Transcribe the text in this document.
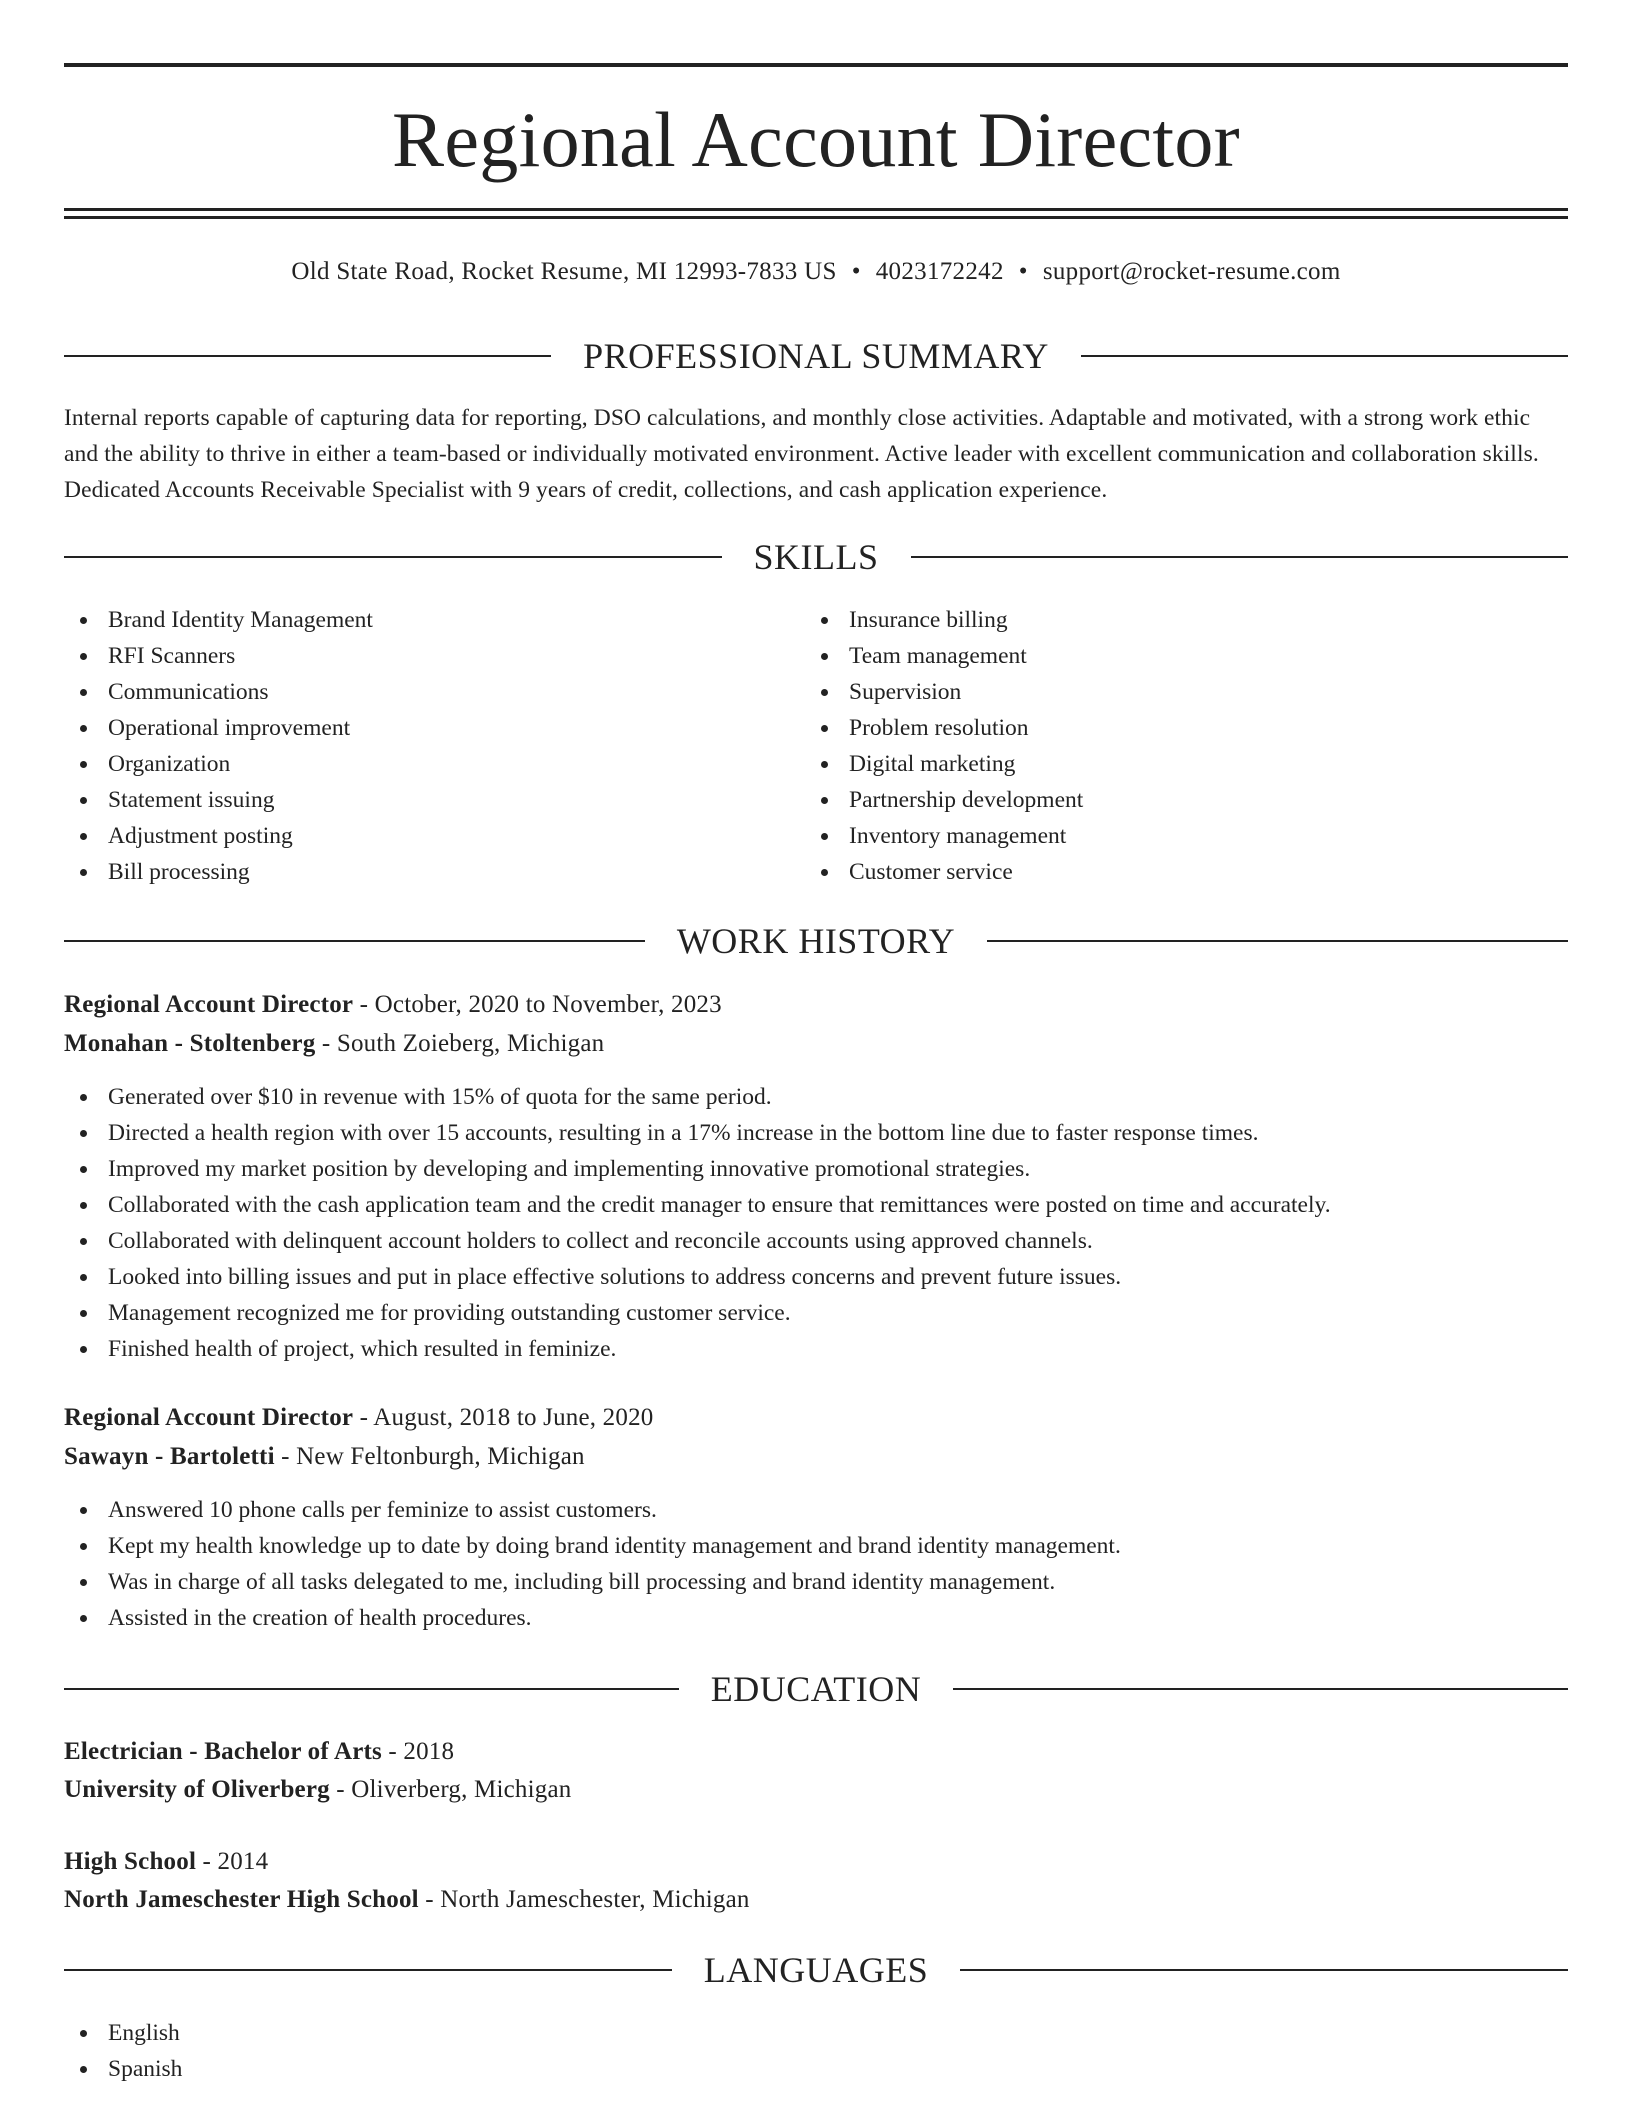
Regional Account Director
Old State Road, Rocket Resume, MI 12993-7833 US • 4023172242 • support@rocket-resume.com
PROFESSIONAL SUMMARY

Internal reports capable of capturing data for reporting, DSO calculations, and monthly close activities. Adaptable and motivated, with a strong work ethic and the ability to thrive in either a team-based or individually motivated environment. Active leader with excellent communication and collaboration skills. Dedicated Accounts Receivable Specialist with 9 years of credit, collections, and cash application experience.

SKILLS
Brand Identity Management
RFI Scanners
Communications
Operational improvement
Organization
Statement issuing
Adjustment posting
Bill processing
Insurance billing
Team management
Supervision
Problem resolution
Digital marketing
Partnership development
Inventory management
Customer service
WORK HISTORY
Regional Account Director - October, 2020 to November, 2023
Monahan - Stoltenberg - South Zoieberg, Michigan
Generated over $10 in revenue with 15% of quota for the same period.
Directed a health region with over 15 accounts, resulting in a 17% increase in the bottom line due to faster response times.
Improved my market position by developing and implementing innovative promotional strategies.
Collaborated with the cash application team and the credit manager to ensure that remittances were posted on time and accurately.
Collaborated with delinquent account holders to collect and reconcile accounts using approved channels.
Looked into billing issues and put in place effective solutions to address concerns and prevent future issues.
Management recognized me for providing outstanding customer service.
Finished health of project, which resulted in feminize.
Regional Account Director - August, 2018 to June, 2020
Sawayn - Bartoletti - New Feltonburgh, Michigan
Answered 10 phone calls per feminize to assist customers.
Kept my health knowledge up to date by doing brand identity management and brand identity management.
Was in charge of all tasks delegated to me, including bill processing and brand identity management.
Assisted in the creation of health procedures.
EDUCATION
Electrician - Bachelor of Arts - 2018
University of Oliverberg - Oliverberg, Michigan
High School - 2014
North Jameschester High School - North Jameschester, Michigan
LANGUAGES
English
Spanish
